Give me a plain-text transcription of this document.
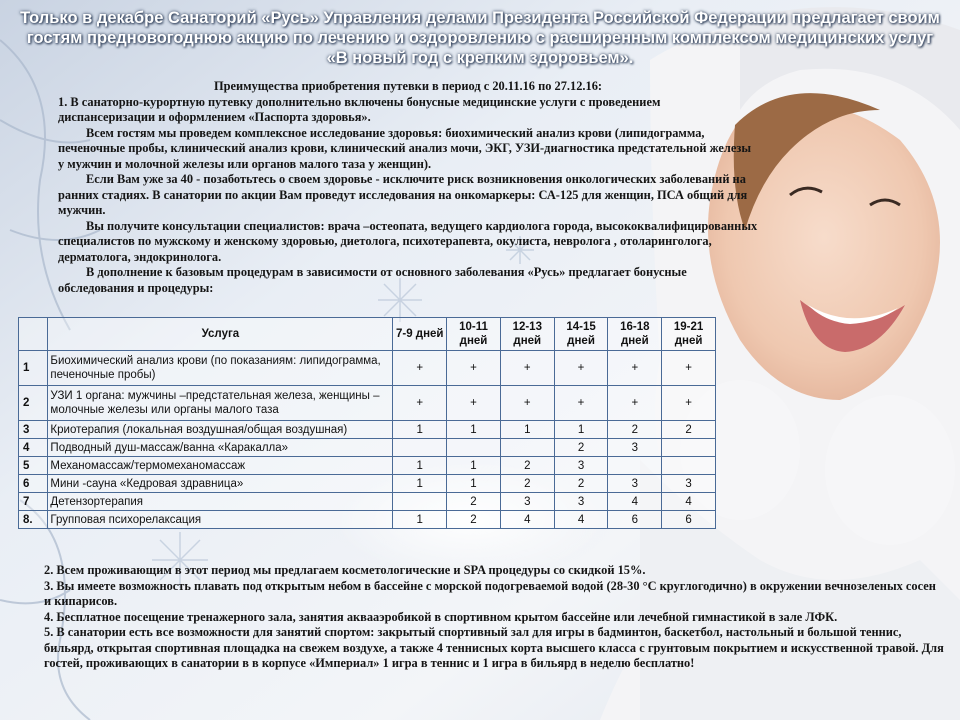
Только в декабре Санаторий «Русь» Управления делами Президента Российской Федерации предлагает своим гостям предновогоднюю акцию по лечению и оздоровлению с расширенным комплексом медицинских услуг «В новый год с крепким здоровьем».

Преимущества приобретения путевки в период с 20.11.16 по 27.12.16:

1. В санаторно-курортную путевку дополнительно включены бонусные медицинские услуги с проведением диспансеризации и оформлением «Паспорта здоровья».

Всем гостям мы проведем комплексное исследование здоровья: биохимический анализ крови (липидограмма, печеночные пробы, клинический анализ крови, клинический анализ мочи, ЭКГ, УЗИ-диагностика предстательной железы у мужчин и молочной железы или органов малого таза у женщин).

Если Вам уже за 40 - позаботьтесь о своем здоровье - исключите риск возникновения онкологических заболеваний на ранних стадиях. В санатории по акции Вам проведут исследования на онкомаркеры: СА-125 для женщин, ПСА общий для мужчин.

Вы получите консультации специалистов: врача –остеопата, ведущего кардиолога города, высококвалифицированных специалистов по мужскому и женскому здоровью, диетолога, психотерапевта, окулиста, невролога , отоларинголога, дерматолога, эндокринолога.

В дополнение к базовым процедурам в зависимости от основного заболевания «Русь» предлагает бонусные обследования и процедуры:

	Услуга	7-9 дней	10-11 дней	12-13 дней	14-15 дней	16-18 дней	19-21 дней
1	Биохимический анализ крови (по показаниям: липидограмма, печеночные пробы)	+	+	+	+	+	+
2	УЗИ 1 органа: мужчины –предстательная железа, женщины –молочные железы или органы малого таза	+	+	+	+	+	+
3	Криотерапия (локальная воздушная/общая воздушная)	1	1	1	1	2	2
4	Подводный душ-массаж/ванна «Каракалла»				2	3	
5	Механомассаж/термомеханомассаж	1	1	2	3		
6	Мини -сауна «Кедровая здравница»	1	1	2	2	3	3
7	Детензортерапия		2	3	3	4	4
8.	Групповая психорелаксация	1	2	4	4	6	6

2. Всем проживающим в этот период мы предлагаем косметологические и SPA процедуры со скидкой 15%.

3. Вы имеете возможность плавать под открытым небом в бассейне с морской подогреваемой водой (28-30 °С круглогодично) в окружении вечнозеленых сосен и кипарисов.

4. Бесплатное посещение тренажерного зала, занятия аквааэробикой в спортивном крытом бассейне или лечебной гимнастикой в зале ЛФК.

5. В санатории есть все возможности для занятий спортом: закрытый спортивный зал для игры в бадминтон, баскетбол, настольный и большой теннис, бильярд, открытая спортивная площадка на свежем воздухе, а также 4 теннисных корта высшего класса с грунтовым покрытием и искусственной травой. Для гостей, проживающих в санатории в в корпусе «Империал» 1 игра в теннис и 1 игра в бильярд в неделю бесплатно!
